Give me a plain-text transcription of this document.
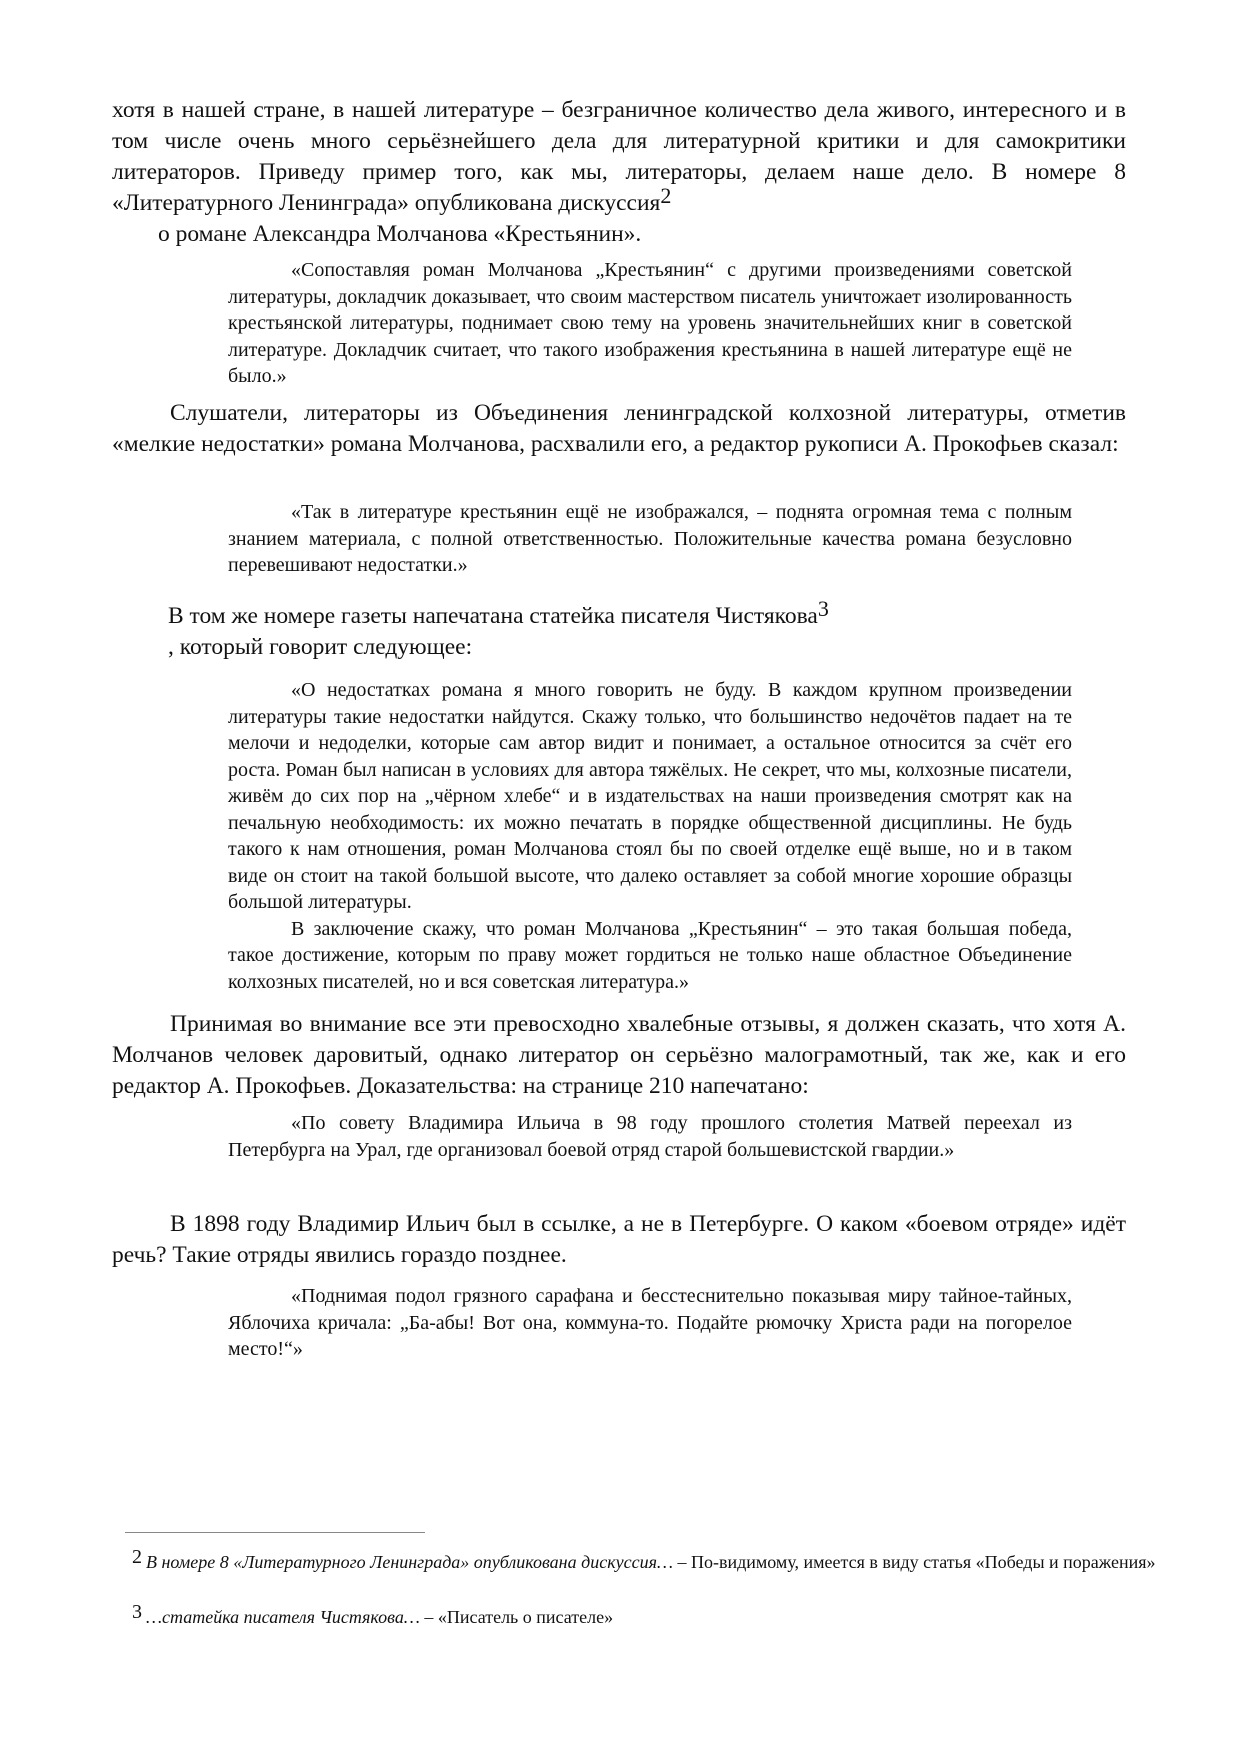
хотя в нашей стране, в нашей литературе – безграничное количество дела живого, интересного и в том числе очень много серьёзнейшего дела для литературной критики и для самокритики литераторов. Приведу пример того, как мы, литераторы, делаем наше дело. В номере 8 «Литературного Ленинграда» опубликована дискуссия2
о романе Александра Молчанова «Крестьянин».
«Сопоставляя роман Молчанова „Крестьянин“ с другими произведениями советской литературы, докладчик доказывает, что своим мастерством писатель уничтожает изолированность крестьянской литературы, поднимает свою тему на уровень значительнейших книг в советской литературе. Докладчик считает, что такого изображения крестьянина в нашей литературе ещё не было.»
Слушатели, литераторы из Объединения ленинградской колхозной литературы, отметив «мелкие недостатки» романа Молчанова, расхвалили его, а редактор рукописи А. Прокофьев сказал:
«Так в литературе крестьянин ещё не изображался, – поднята огромная тема с полным знанием материала, с полной ответственностью. Положительные качества романа безусловно перевешивают недостатки.»
В том же номере газеты напечатана статейка писателя Чистякова3
, который говорит следующее:

«О недостатках романа я много говорить не буду. В каждом крупном произведении литературы такие недостатки найдутся. Скажу только, что большинство недочётов падает на те мелочи и недоделки, которые сам автор видит и понимает, а остальное относится за счёт его роста. Роман был написан в условиях для автора тяжёлых. Не секрет, что мы, колхозные писатели, живём до сих пор на „чёрном хлебе“ и в издательствах на наши произведения смотрят как на печальную необходимость: их можно печатать в порядке общественной дисциплины. Не будь такого к нам отношения, роман Молчанова стоял бы по своей отделке ещё выше, но и в таком виде он стоит на такой большой высоте, что далеко оставляет за собой многие хорошие образцы большой литературы.

В заключение скажу, что роман Молчанова „Крестьянин“ – это такая большая победа, такое достижение, которым по праву может гордиться не только наше областное Объединение колхозных писателей, но и вся советская литература.»

Принимая во внимание все эти превосходно хвалебные отзывы, я должен сказать, что хотя А. Молчанов человек даровитый, однако литератор он серьёзно малограмотный, так же, как и его редактор А. Прокофьев. Доказательства: на странице 210 напечатано:
«По совету Владимира Ильича в 98 году прошлого столетия Матвей переехал из Петербурга на Урал, где организовал боевой отряд старой большевистской гвардии.»
В 1898 году Владимир Ильич был в ссылке, а не в Петербурге. О каком «боевом отряде» идёт речь? Такие отряды явились гораздо позднее.
«Поднимая подол грязного сарафана и бесстеснительно показывая миру тайное-тайных, Яблочиха кричала: „Ба-абы! Вот она, коммуна-то. Подайте рюмочку Христа ради на погорелое место!“»
2 В номере 8 «Литературного Ленинграда» опубликована дискуссия… – По-видимому, имеется в виду статья «Победы и поражения»
3 …статейка писателя Чистякова… – «Писатель о писателе»
